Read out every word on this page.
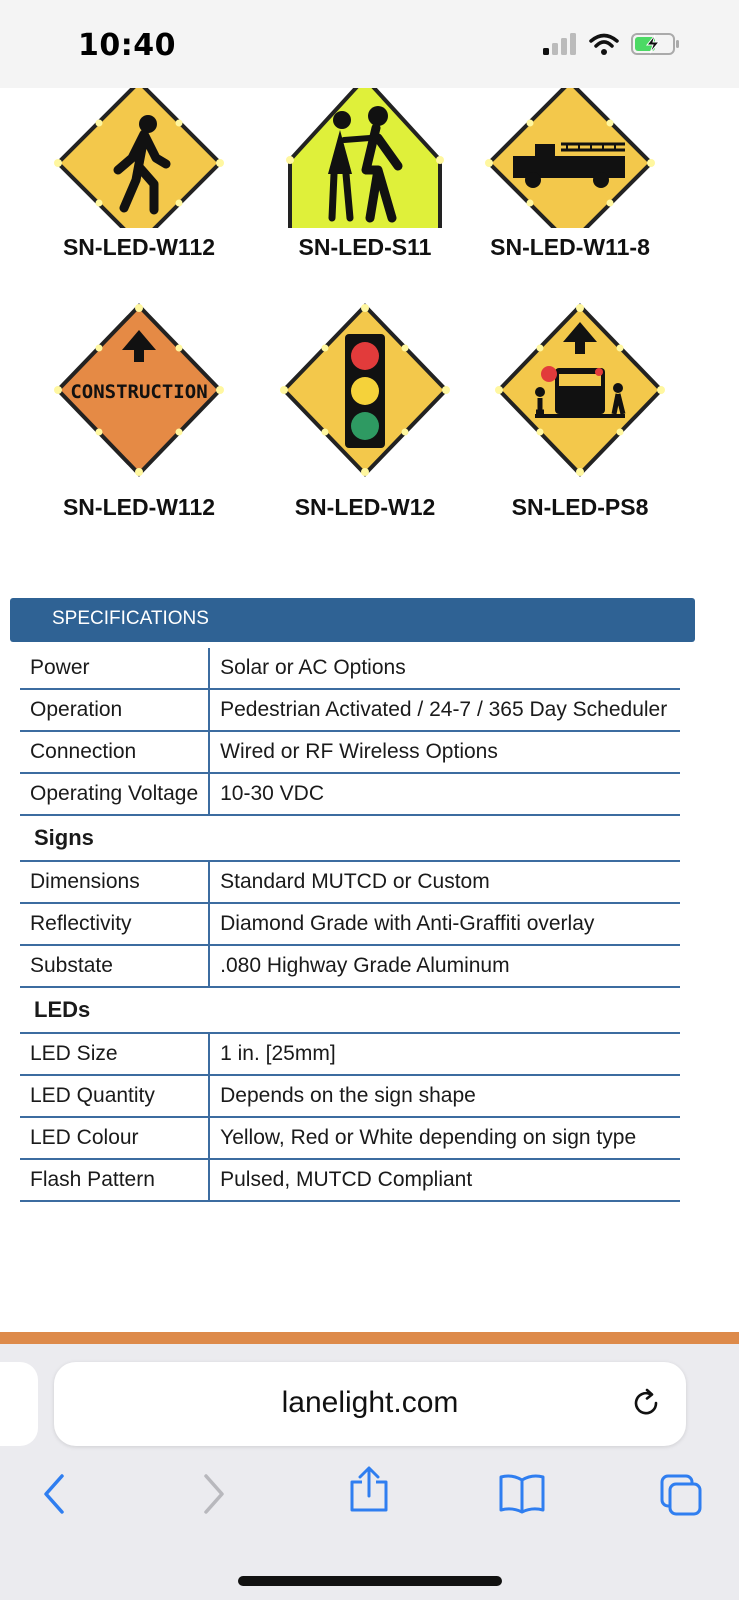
10:40
SN-LED-W112	SN-LED-S11	SN-LED-W11-8
CONSTRUCTION
SN-LED-W112	SN-LED-W12	SN-LED-PS8
SPECIFICATIONS
Power	Solar or AC Options
Operation	Pedestrian Activated / 24-7 / 365 Day Scheduler
Connection	Wired or RF Wireless Options
Operating Voltage	10-30 VDC
Signs	
Dimensions	Standard MUTCD or Custom
Reflectivity	Diamond Grade with Anti-Graffiti overlay
Substate	.080 Highway Grade Aluminum
LEDs	
LED Size	1 in. [25mm]
LED Quantity	Depends on the sign shape
LED Colour	Yellow, Red or White depending on sign type
Flash Pattern	Pulsed, MUTCD Compliant
lanelight.com
